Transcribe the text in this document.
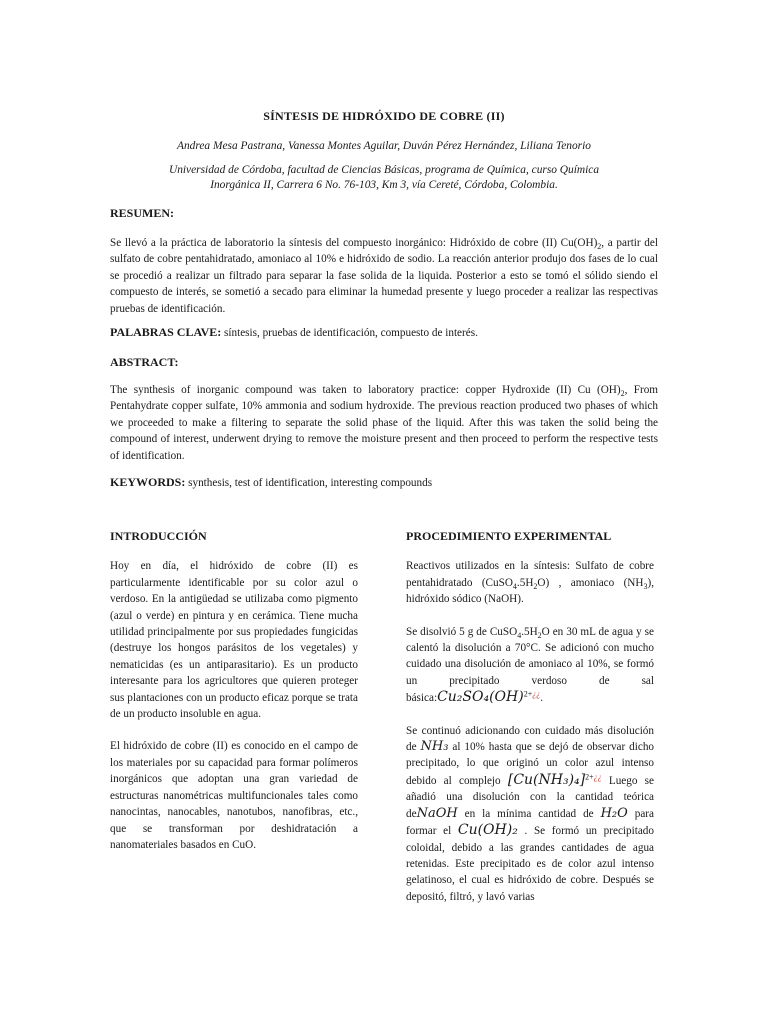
SÍNTESIS DE HIDRÓXIDO DE COBRE (II)
Andrea Mesa Pastrana, Vanessa Montes Aguilar, Duván Pérez Hernández, Liliana Tenorio
Universidad de Córdoba, facultad de Ciencias Básicas, programa de Química, curso Química
Inorgánica II, Carrera 6 No. 76-103, Km 3, vía Cereté, Córdoba, Colombia.
RESUMEN:
Se llevó a la práctica de laboratorio la síntesis del compuesto inorgánico: Hidróxido de cobre (II) $Cu(OH)_2$, a partir del sulfato de cobre pentahidratado, amoniaco al 10% e hidróxido de sodio. La reacción anterior produjo dos fases de lo cual se procedió a realizar un filtrado para separar la fase solida de la liquida. Posterior a esto se tomó el sólido siendo el compuesto de interés, se sometió a secado para eliminar la humedad presente y luego proceder a realizar las respectivas pruebas de identificación.
PALABRAS CLAVE: síntesis, pruebas de identificación, compuesto de interés.
ABSTRACT:
The synthesis of inorganic compound was taken to laboratory practice: copper Hydroxide (II) Cu $(OH)_2$, From Pentahydrate copper sulfate, 10% ammonia and sodium hydroxide. The previous reaction produced two phases of which we proceeded to make a filtering to separate the solid phase of the liquid. After this was taken the solid being the compound of interest, underwent drying to remove the moisture present and then proceed to perform the respective tests of identification.
KEYWORDS: synthesis, test of identification, interesting compounds
INTRODUCCIÓN

Hoy en día, el hidróxido de cobre (II) es particularmente identificable por su color azul o verdoso. En la antigüedad se utilizaba como pigmento (azul o verde) en pintura y en cerámica. Tiene mucha utilidad principalmente por sus propiedades fungicidas (destruye los hongos parásitos de los vegetales) y nematicidas (es un antiparasitario). Es un producto interesante para los agricultores que quieren proteger sus plantaciones con un producto eficaz porque se trata de un producto insoluble en agua.

El hidróxido de cobre (II) es conocido en el campo de los materiales por su capacidad para formar polímeros inorgánicos que adoptan una gran variedad de estructuras nanométricas multifuncionales tales como nanocintas, nanocables, nanotubos, nanofibras, etc., que se transforman por deshidratación a nanomateriales basados en CuO.

PROCEDIMIENTO EXPERIMENTAL

Reactivos utilizados en la síntesis: Sulfato de cobre pentahidratado $(CuSO_4.5H_2O)$ , amoniaco $(NH_3)$, hidróxido sódico (NaOH).

Se disolvió 5 g de $CuSO_4.5H_2O$ en 30 mL de agua y se calentó la disolución a 70°C. Se adicionó con mucho cuidado una disolución de amoniaco al 10%, se formó un precipitado verdoso de sal básica:Cu₂SO₄(OH)$^{2+¿¿}$.

Se continuó adicionando con cuidado más disolución de NH₃ al 10% hasta que se dejó de observar dicho precipitado, lo que originó un color azul intenso debido al complejo $[Cu(NH_3)_4]^{2+¿¿}$ Luego se añadió una disolución con la cantidad teórica deNaOH en la mínima cantidad de H₂O para formar el Cu(OH)₂ . Se formó un precipitado coloidal, debido a las grandes cantidades de agua retenidas. Este precipitado es de color azul intenso gelatinoso, el cual es hidróxido de cobre. Después se depositó, filtró, y lavó varias
